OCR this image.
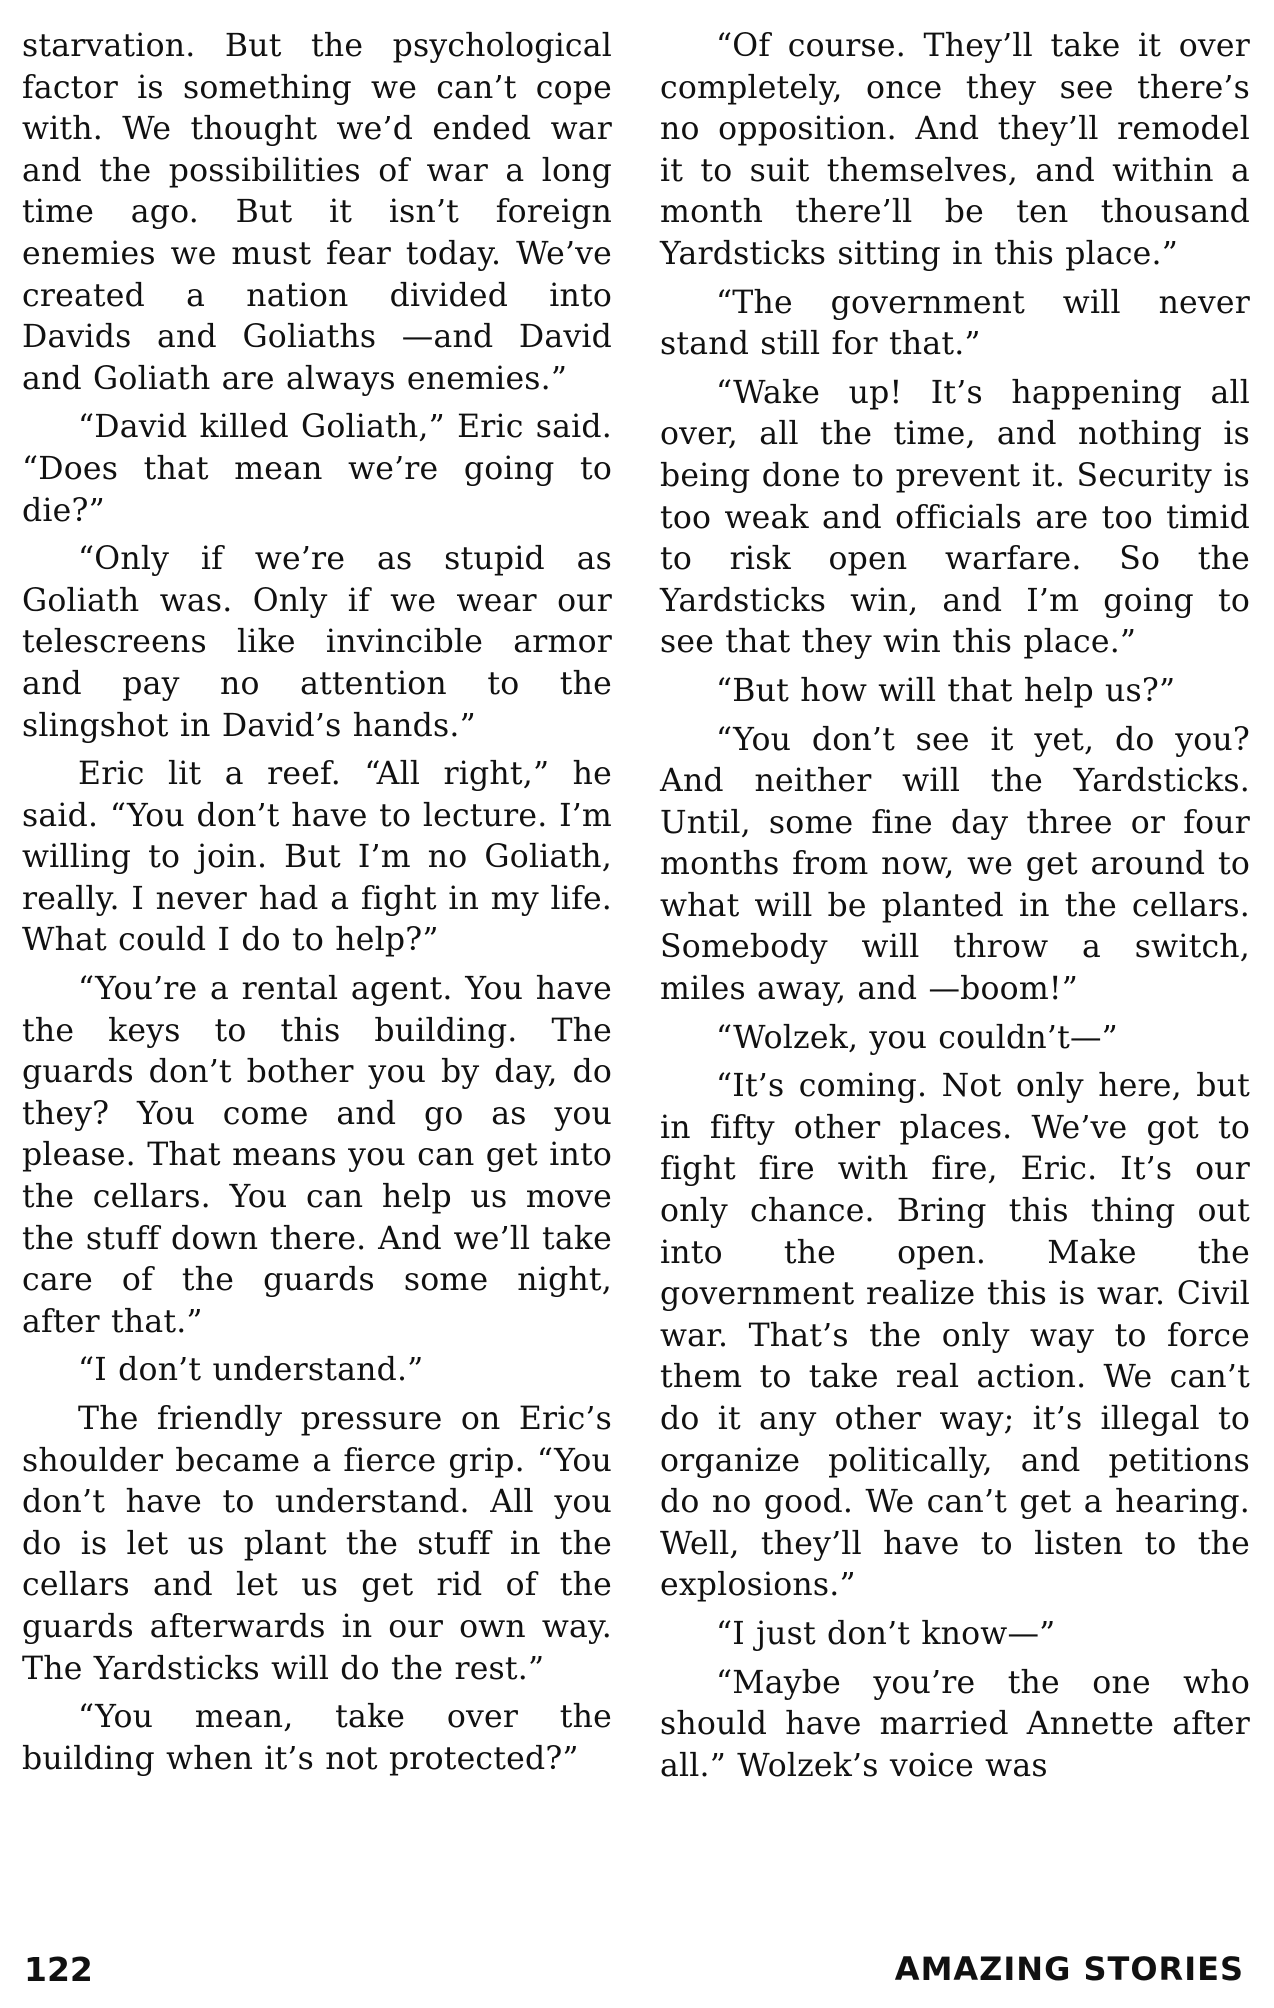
starvation. But the psychological factor is something we can’t cope with. We thought we’d ended war and the possibilities of war a long time ago. But it isn’t foreign enemies we must fear today. We’ve created a nation divided into Davids and Goliaths —and David and Goliath are always enemies.”

“David killed Goliath,” Eric said. “Does that mean we’re going to die?”

“Only if we’re as stupid as Goliath was. Only if we wear our telescreens like invincible armor and pay no attention to the slingshot in David’s hands.”

Eric lit a reef. “All right,” he said. “You don’t have to lecture. I’m willing to join. But I’m no Goliath, really. I never had a fight in my life. What could I do to help?”

“You’re a rental agent. You have the keys to this building. The guards don’t bother you by day, do they? You come and go as you please. That means you can get into the cellars. You can help us move the stuff down there. And we’ll take care of the guards some night, after that.”

“I don’t understand.”

The friendly pressure on Eric’s shoulder became a fierce grip. “You don’t have to understand. All you do is let us plant the stuff in the cellars and let us get rid of the guards afterwards in our own way. The Yardsticks will do the rest.”

“You mean, take over the building when it’s not protected?”

“Of course. They’ll take it over completely, once they see there’s no opposition. And they’ll remodel it to suit themselves, and within a month there’ll be ten thousand Yardsticks sitting in this place.”

“The government will never stand still for that.”

“Wake up! It’s happening all over, all the time, and nothing is being done to prevent it. Security is too weak and officials are too timid to risk open warfare. So the Yardsticks win, and I’m going to see that they win this place.”

“But how will that help us?”

“You don’t see it yet, do you? And neither will the Yardsticks. Until, some fine day three or four months from now, we get around to what will be planted in the cellars. Somebody will throw a switch, miles away, and —boom!”

“Wolzek, you couldn’t—”

“It’s coming. Not only here, but in fifty other places. We’ve got to fight fire with fire, Eric. It’s our only chance. Bring this thing out into the open. Make the government realize this is war. Civil war. That’s the only way to force them to take real action. We can’t do it any other way; it’s illegal to organize politically, and petitions do no good. We can’t get a hearing. Well, they’ll have to listen to the explosions.”

“I just don’t know—”

“Maybe you’re the one who should have married Annette after all.” Wolzek’s voice was

122	AMAZING STORIES
